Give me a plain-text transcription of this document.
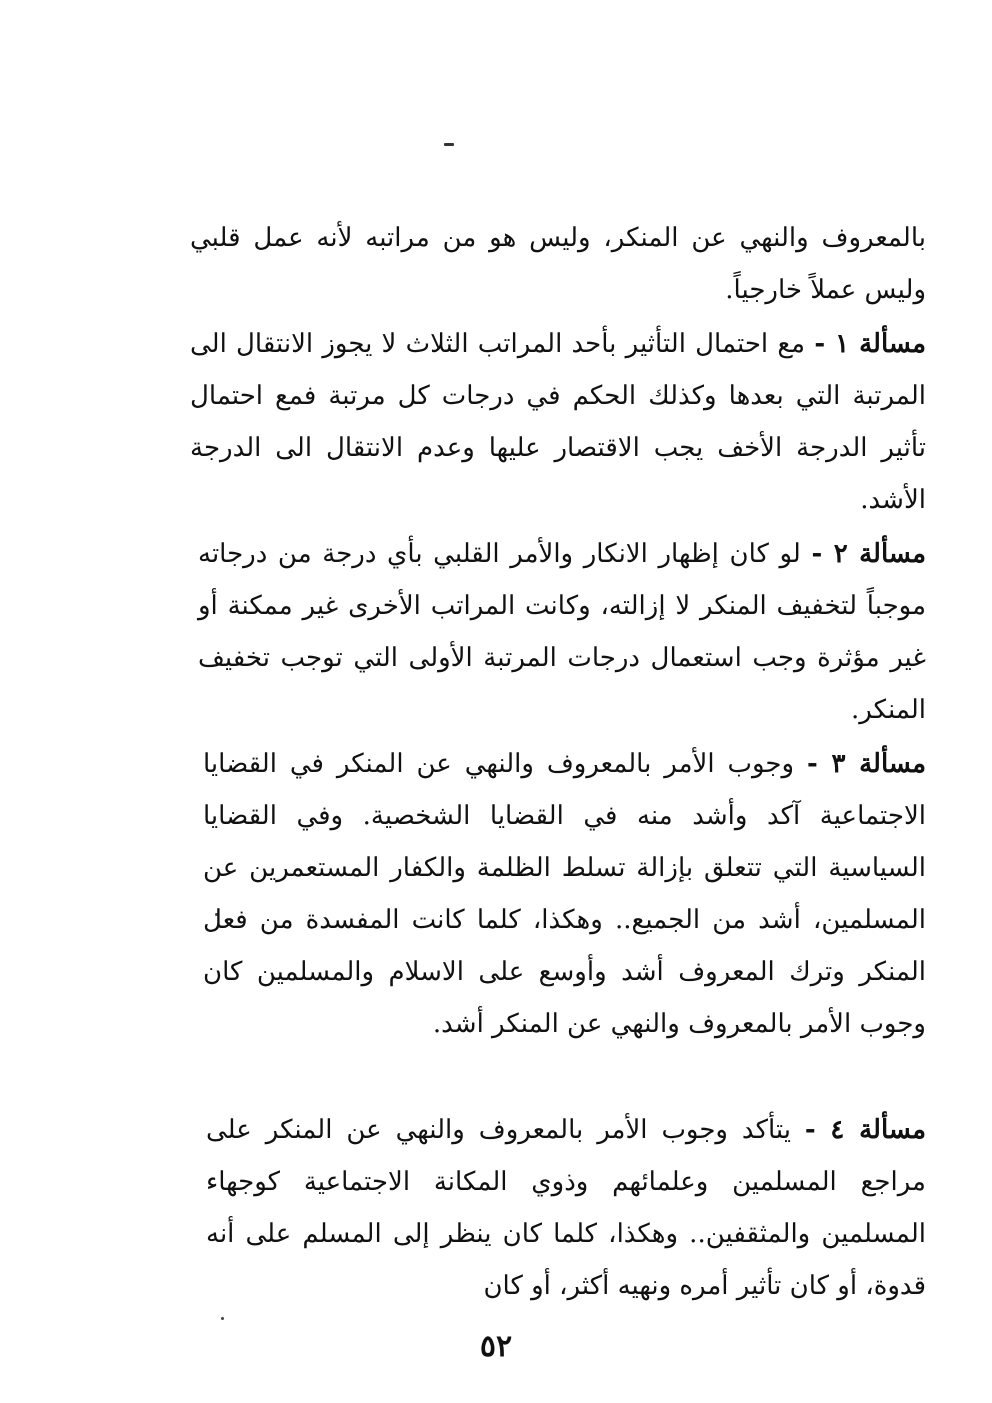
بالمعروف والنهي عن المنكر، وليس هو من مراتبه لأنه عمل قلبي وليس عملاً خارجياً.

مسألة ١ - مع احتمال التأثير بأحد المراتب الثلاث لا يجوز الانتقال الى المرتبة التي بعدها وكذلك الحكم في درجات كل مرتبة فمع احتمال تأثير الدرجة الأخف يجب الاقتصار عليها وعدم الانتقال الى الدرجة الأشد.

مسألة ٢ - لو كان إظهار الانكار والأمر القلبي بأي درجة من درجاته موجباً لتخفيف المنكر لا إزالته، وكانت المراتب الأخرى غير ممكنة أو غير مؤثرة وجب استعمال درجات المرتبة الأولى التي توجب تخفيف المنكر.

مسألة ٣ - وجوب الأمر بالمعروف والنهي عن المنكر في القضايا الاجتماعية آكد وأشد منه في القضايا الشخصية. وفي القضايا السياسية التي تتعلق بإزالة تسلط الظلمة والكفار المستعمرين عن المسلمين، أشد من الجميع.. وهكذا، كلما كانت المفسدة من فعل المنكر وترك المعروف أشد وأوسع على الاسلام والمسلمين كان وجوب الأمر بالمعروف والنهي عن المنكر أشد.

مسألة ٤ - يتأكد وجوب الأمر بالمعروف والنهي عن المنكر على مراجع المسلمين وعلمائهم وذوي المكانة الاجتماعية كوجهاء المسلمين والمثقفين.. وهكذا، كلما كان ينظر إلى المسلم على أنه قدوة، أو كان تأثير أمره ونهيه أكثر، أو كان

٥٢
